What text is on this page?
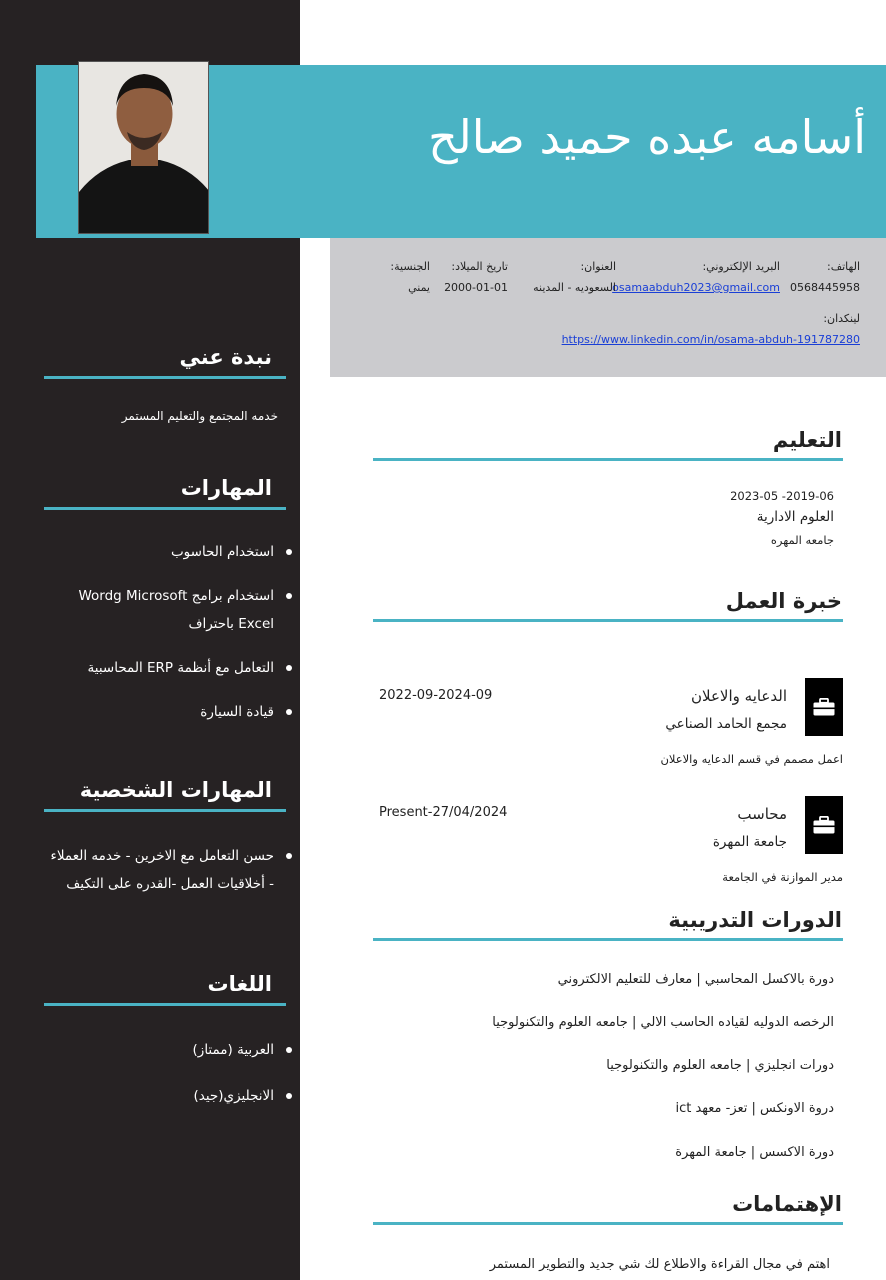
أسامه عبده حميد صالح
الهاتف:
0568445958
البريد الإلكتروني:
osamaabduh2023@gmail.com
العنوان:
السعوديه - المدينه
تاريخ الميلاد:
2000-01-01
الجنسية:
يمني
لينكدان:
https://www.linkedin.com/in/osama-abduh-191787280
نبدة عني

خدمه المجتمع والتعليم المستمر

المهارات
استخدام الحاسوب
استخدام برامج Wordg Microsoft Excel باحتراف
التعامل مع أنظمة ERP المحاسبية
قيادة السيارة
المهارات الشخصية
حسن التعامل مع الاخرين - خدمه العملاء - أخلاقيات العمل -القدره على التكيف
اللغات
العربية (ممتاز)
الانجليزي(جيد)
التعليم

2023-05 -2019-06

العلوم الادارية

جامعه المهره

خبرة العمل

الدعايه والاعلان

مجمع الحامد الصناعي

2022-09-2024-09

اعمل مصمم في قسم الدعايه والاعلان

محاسب

جامعة المهرة

Present-27/04/2024

مدير الموازنة في الجامعة

الدورات التدريبية

دورة بالاكسل المحاسبي | معارف للتعليم الالكتروني

الرخصه الدوليه لقياده الحاسب الالي | جامعه العلوم والتكنولوجيا

دورات انجليزي | جامعه العلوم والتكنولوجيا

دروة الاونكس | تعز- معهد ict

دورة الاكسس | جامعة المهرة

الإهتمامات

اهتم في مجال القراءة والاطلاع لك شي جديد والتطوير المستمر
